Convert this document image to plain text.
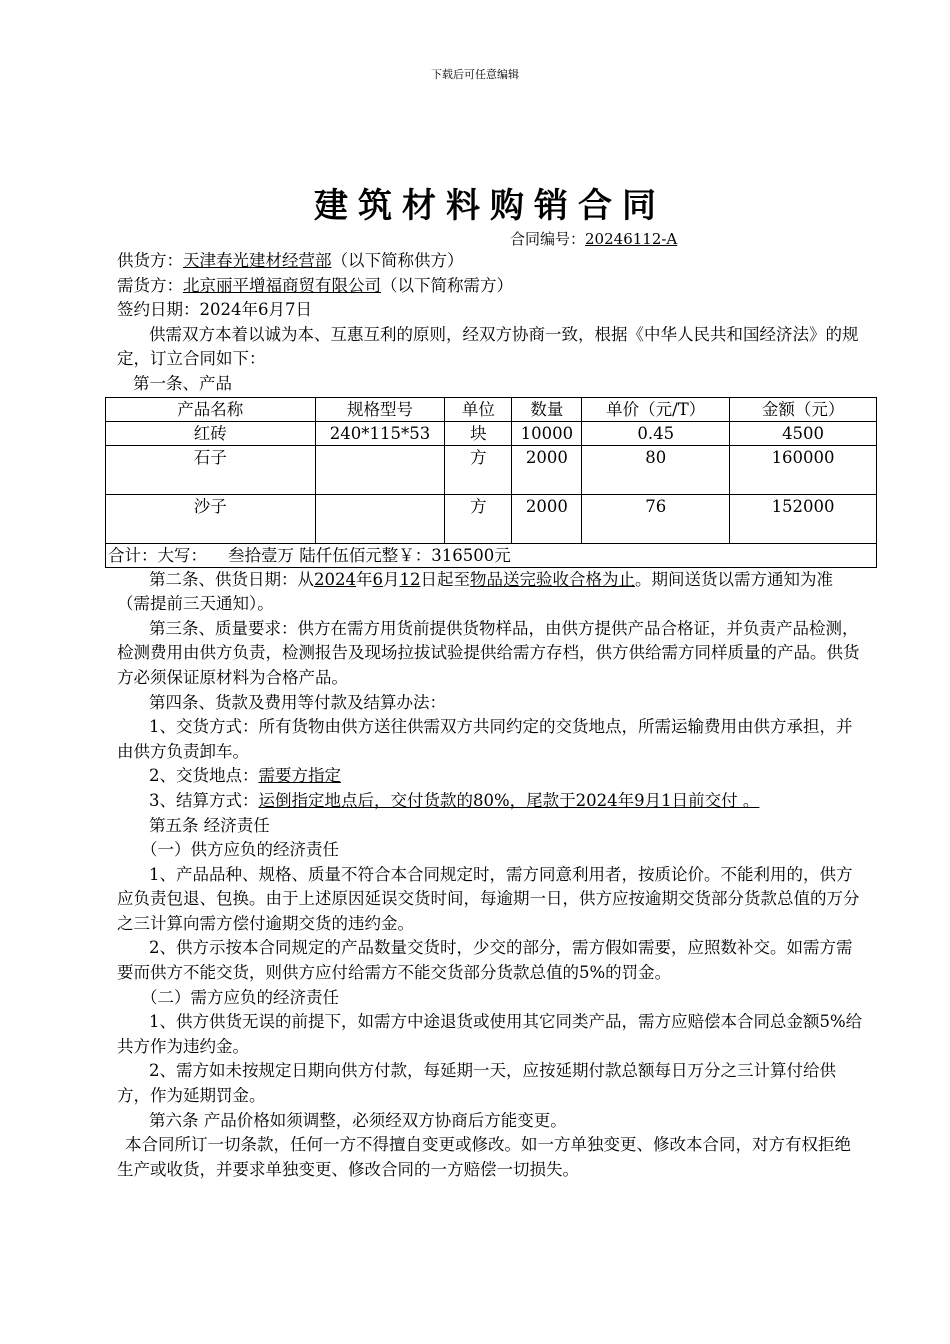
下载后可任意编辑
建筑材料购销合同
合同编号：20246112-A

供货方：天津春光建材经营部（以下简称供方）

需货方：北京丽平增福商贸有限公司（以下简称需方）

签约日期：2024年6月7日

供需双方本着以诚为本、互惠互利的原则，经双方协商一致，根据《中华人民共和国经济法》的规定，订立合同如下：

第一条、产品

产品名称	规格型号	单位	数量	单价（元/T）	金额（元）
红砖	240*115*53	块	10000	0.45	4500
石子		方	2000	80	160000
沙子		方	2000	76	152000
合计：大写：    叁拾壹万 陆仟伍佰元整￥：316500元					

第二条、供货日期：从2024年6月12日起至物品送完验收合格为止。期间送货以需方通知为准（需提前三天通知）。

第三条、质量要求：供方在需方用货前提供货物样品，由供方提供产品合格证，并负责产品检测，检测费用由供方负责，检测报告及现场拉拔试验提供给需方存档，供方供给需方同样质量的产品。供货方必须保证原材料为合格产品。

第四条、货款及费用等付款及结算办法：

1、交货方式：所有货物由供方送往供需双方共同约定的交货地点，所需运输费用由供方承担，并由供方负责卸车。

2、交货地点：需要方指定

3、结算方式：运倒指定地点后，交付货款的80%，尾款于2024年9月1日前交付 。

第五条 经济责任

（一）供方应负的经济责任

1、产品品种、规格、质量不符合本合同规定时，需方同意利用者，按质论价。不能利用的，供方应负责包退、包换。由于上述原因延误交货时间，每逾期一日，供方应按逾期交货部分货款总值的万分之三计算向需方偿付逾期交货的违约金。

2、供方示按本合同规定的产品数量交货时，少交的部分，需方假如需要，应照数补交。如需方需要而供方不能交货，则供方应付给需方不能交货部分货款总值的5%的罚金。

（二）需方应负的经济责任

1、供方供货无误的前提下，如需方中途退货或使用其它同类产品，需方应赔偿本合同总金额5%给共方作为违约金。

2、需方如未按规定日期向供方付款，每延期一天，应按延期付款总额每日万分之三计算付给供方，作为延期罚金。

第六条 产品价格如须调整，必须经双方协商后方能变更。

本合同所订一切条款，任何一方不得擅自变更或修改。如一方单独变更、修改本合同，对方有权拒绝生产或收货，并要求单独变更、修改合同的一方赔偿一切损失。
